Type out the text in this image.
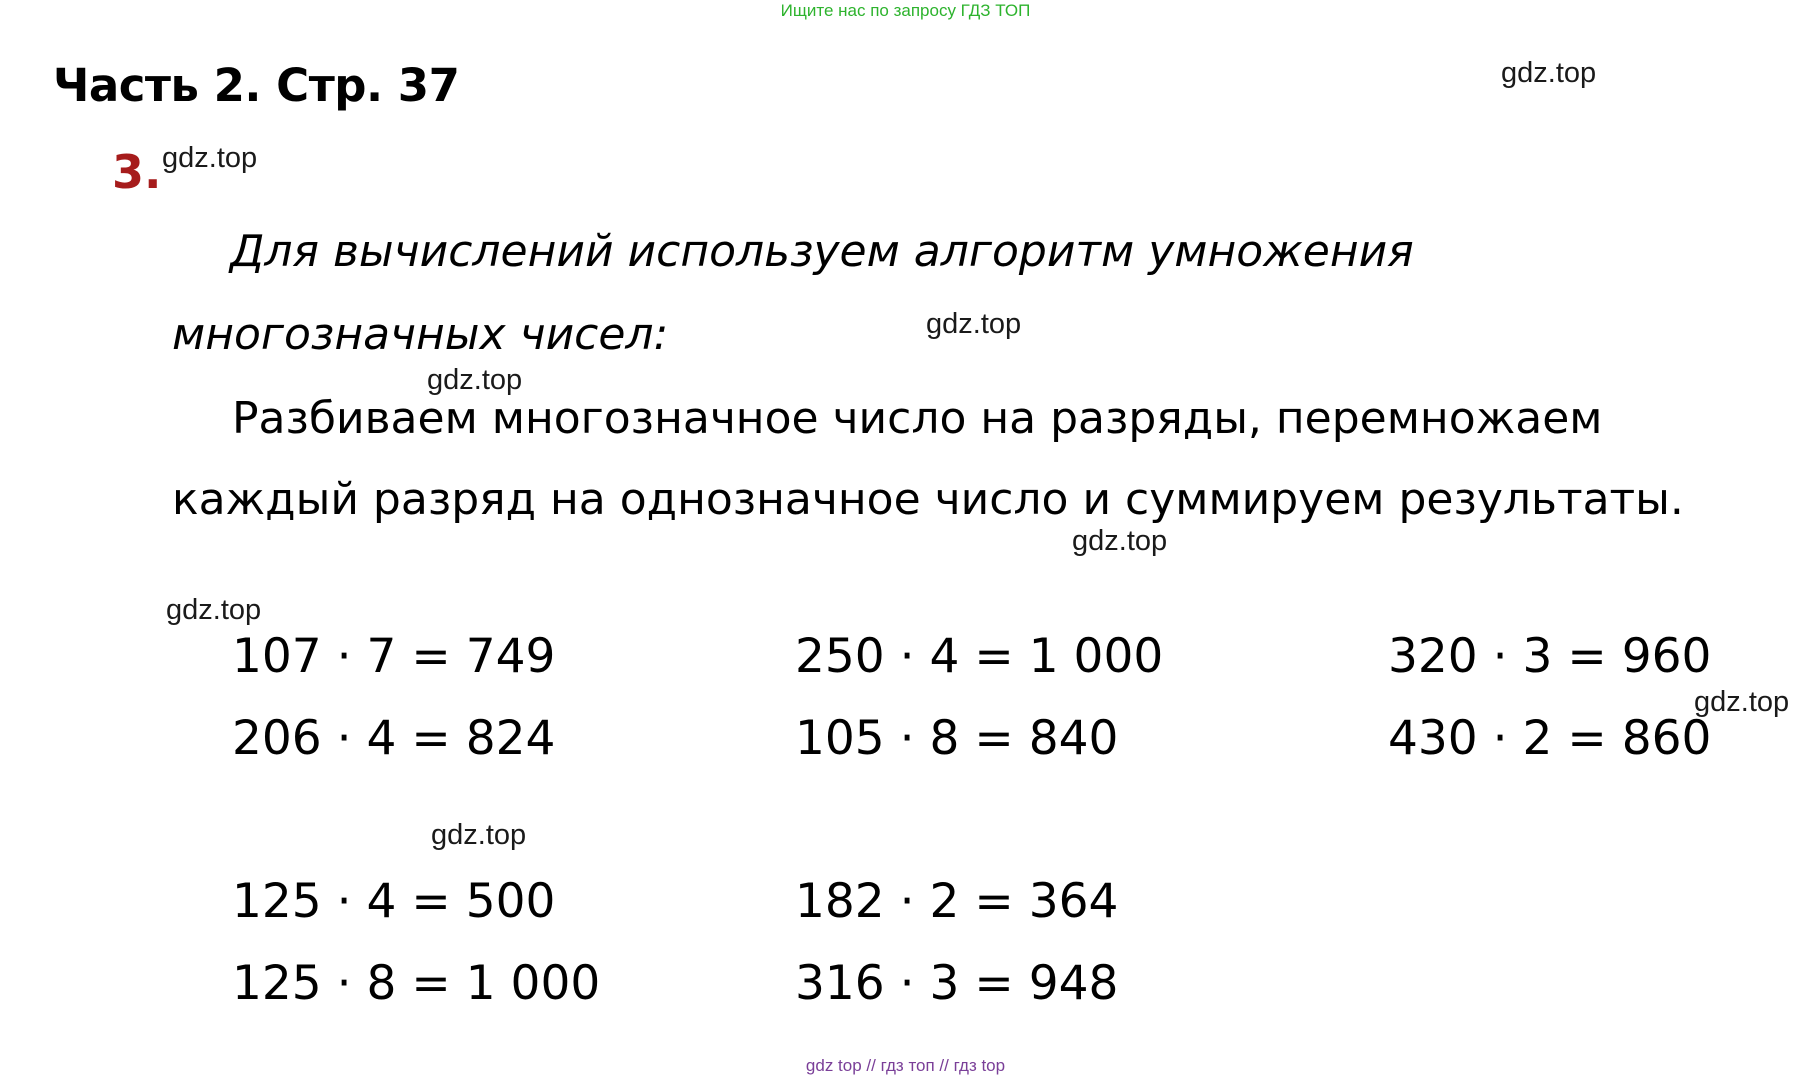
Ищите нас по запросу ГДЗ ТОП
Часть 2. Стр. 37	gdz.top
3. gdz.top
Для вычислений используем алгоритм умножения
gdz.top
многозначных чисел:
gdz.top
Разбиваем многозначное число на разряды, перемножаем
каждый разряд на однозначное число и суммируем результаты.
gdz.top
gdz.top
107 · 7 = 749
206 · 4 = 824
125 · 4 = 500
125 · 8 = 1 000
250 · 4 = 1 000
105 · 8 = 840
182 · 2 = 364
316 · 3 = 948
320 · 3 = 960
430 · 2 = 860
gdz.top
gdz.top
gdz top // гдз топ // гдз top
